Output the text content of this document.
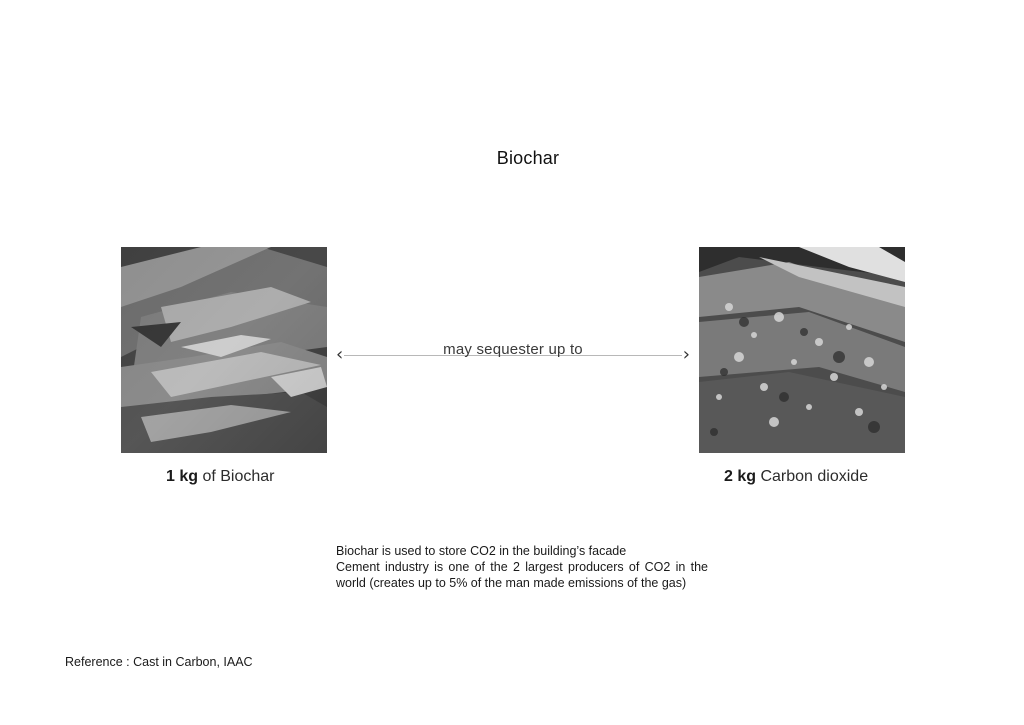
Biochar
1 kg of Biochar	2 kg Carbon dioxide
‹	›
may sequester up to

Biochar is used to store CO2 in the building’s facade

Cement industry is one of the 2 largest producers of CO2 in the world (creates up to 5% of the man made emissions of the gas)

Reference : Cast in Carbon, IAAC
